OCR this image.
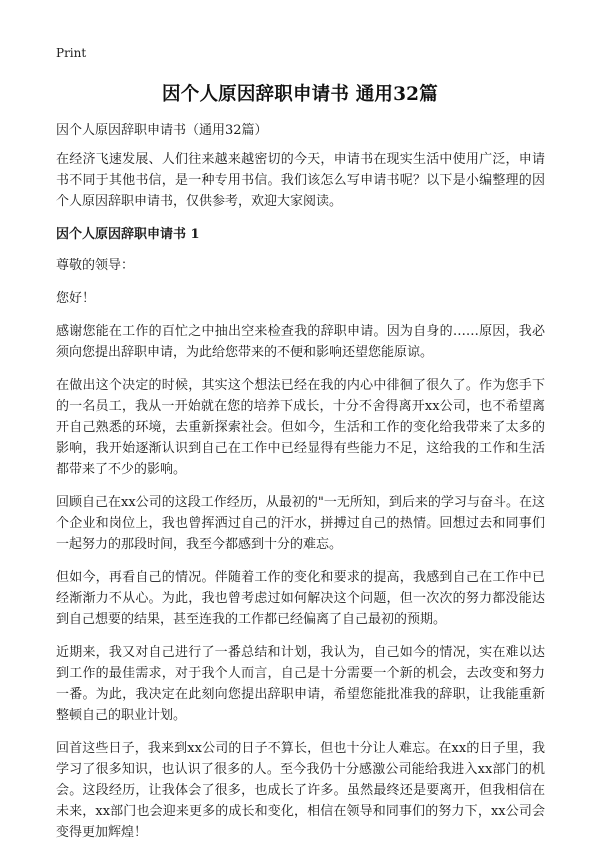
Print
因个人原因辞职申请书 通用32篇

因个人原因辞职申请书（通用32篇）

在经济飞速发展、人们往来越来越密切的今天，申请书在现实生活中使用广泛，申请书不同于其他书信，是一种专用书信。我们该怎么写申请书呢？以下是小编整理的因个人原因辞职申请书，仅供参考，欢迎大家阅读。

因个人原因辞职申请书 1

尊敬的领导：

您好！

感谢您能在工作的百忙之中抽出空来检查我的辞职申请。因为自身的……原因，我必须向您提出辞职申请，为此给您带来的不便和影响还望您能原谅。

在做出这个决定的时候，其实这个想法已经在我的内心中徘徊了很久了。作为您手下的一名员工，我从一开始就在您的培养下成长，十分不舍得离开xx公司，也不希望离开自己熟悉的环境，去重新探索社会。但如今，生活和工作的变化给我带来了太多的影响，我开始逐渐认识到自己在工作中已经显得有些能力不足，这给我的工作和生活都带来了不少的影响。

回顾自己在xx公司的这段工作经历，从最初的"一无所知，到后来的学习与奋斗。在这个企业和岗位上，我也曾挥洒过自己的汗水，拼搏过自己的热情。回想过去和同事们一起努力的那段时间，我至今都感到十分的难忘。

但如今，再看自己的情况。伴随着工作的变化和要求的提高，我感到自己在工作中已经渐渐力不从心。为此，我也曾考虑过如何解决这个问题，但一次次的努力都没能达到自己想要的结果，甚至连我的工作都已经偏离了自己最初的预期。

近期来，我又对自己进行了一番总结和计划，我认为，自己如今的情况，实在难以达到工作的最佳需求，对于我个人而言，自己是十分需要一个新的机会，去改变和努力一番。为此，我决定在此刻向您提出辞职申请，希望您能批准我的辞职，让我能重新整顿自己的职业计划。

回首这些日子，我来到xx公司的日子不算长，但也十分让人难忘。在xx的日子里，我学习了很多知识，也认识了很多的人。至今我仍十分感激公司能给我进入xx部门的机会。这段经历，让我体会了很多，也成长了许多。虽然最终还是要离开，但我相信在未来，xx部门也会迎来更多的成长和变化，相信在领导和同事们的努力下，xx公司会变得更加辉煌！
